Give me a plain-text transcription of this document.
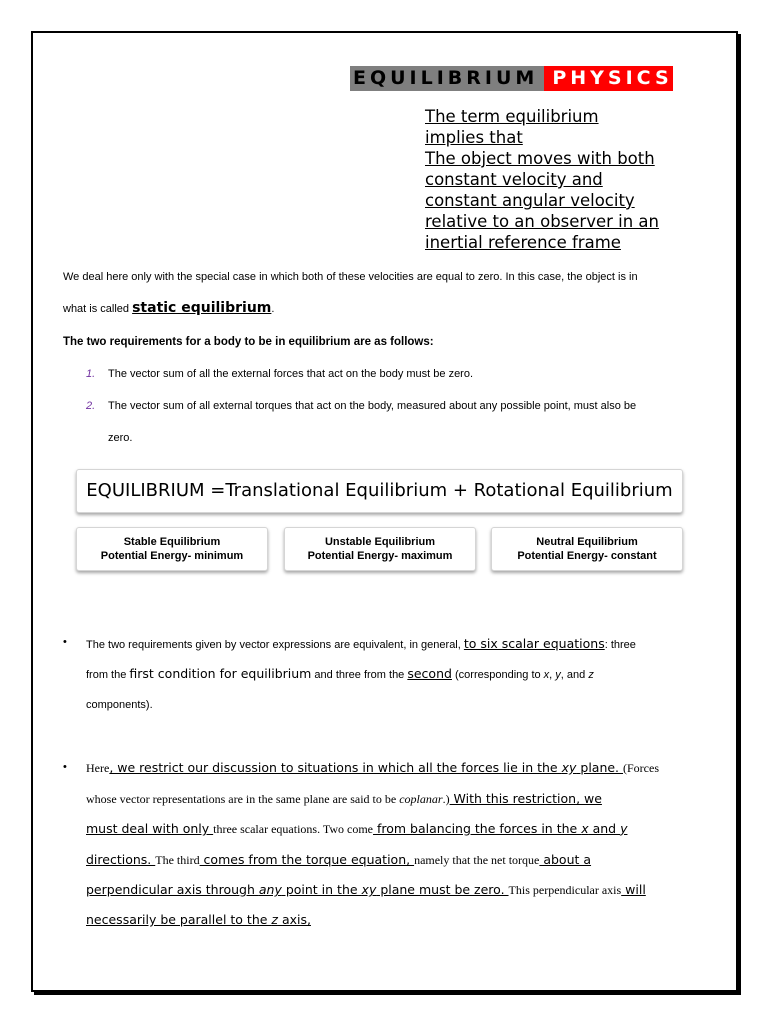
EQUILIBRIUM PHYSICS
The term equilibrium
implies that
The object moves with both
constant velocity and
constant angular velocity
relative to an observer in an
inertial reference frame
We deal here only with the special case in which both of these velocities are equal to zero. In this case, the object is in
what is called static equilibrium.
The two requirements for a body to be in equilibrium are as follows:
1. The vector sum of all the external forces that act on the body must be zero.
2. The vector sum of all external torques that act on the body, measured about any possible point, must also be
zero.
EQUILIBRIUM =Translational Equilibrium + Rotational Equilibrium
Stable Equilibrium
Potential Energy- minimum
Unstable Equilibrium
Potential Energy- maximum
Neutral Equilibrium
Potential Energy- constant
• The two requirements given by vector expressions are equivalent, in general, to six scalar equations: three
from the first condition for equilibrium and three from the second (corresponding to x, y, and z
components).
• Here, we restrict our discussion to situations in which all the forces lie in the xy plane. (Forces
whose vector representations are in the same plane are said to be coplanar.) With this restriction, we
must deal with only three scalar equations. Two come from balancing the forces in the x and y
directions. The third comes from the torque equation, namely that the net torque about a
perpendicular axis through any point in the xy plane must be zero. This perpendicular axis will
necessarily be parallel to the z axis,
